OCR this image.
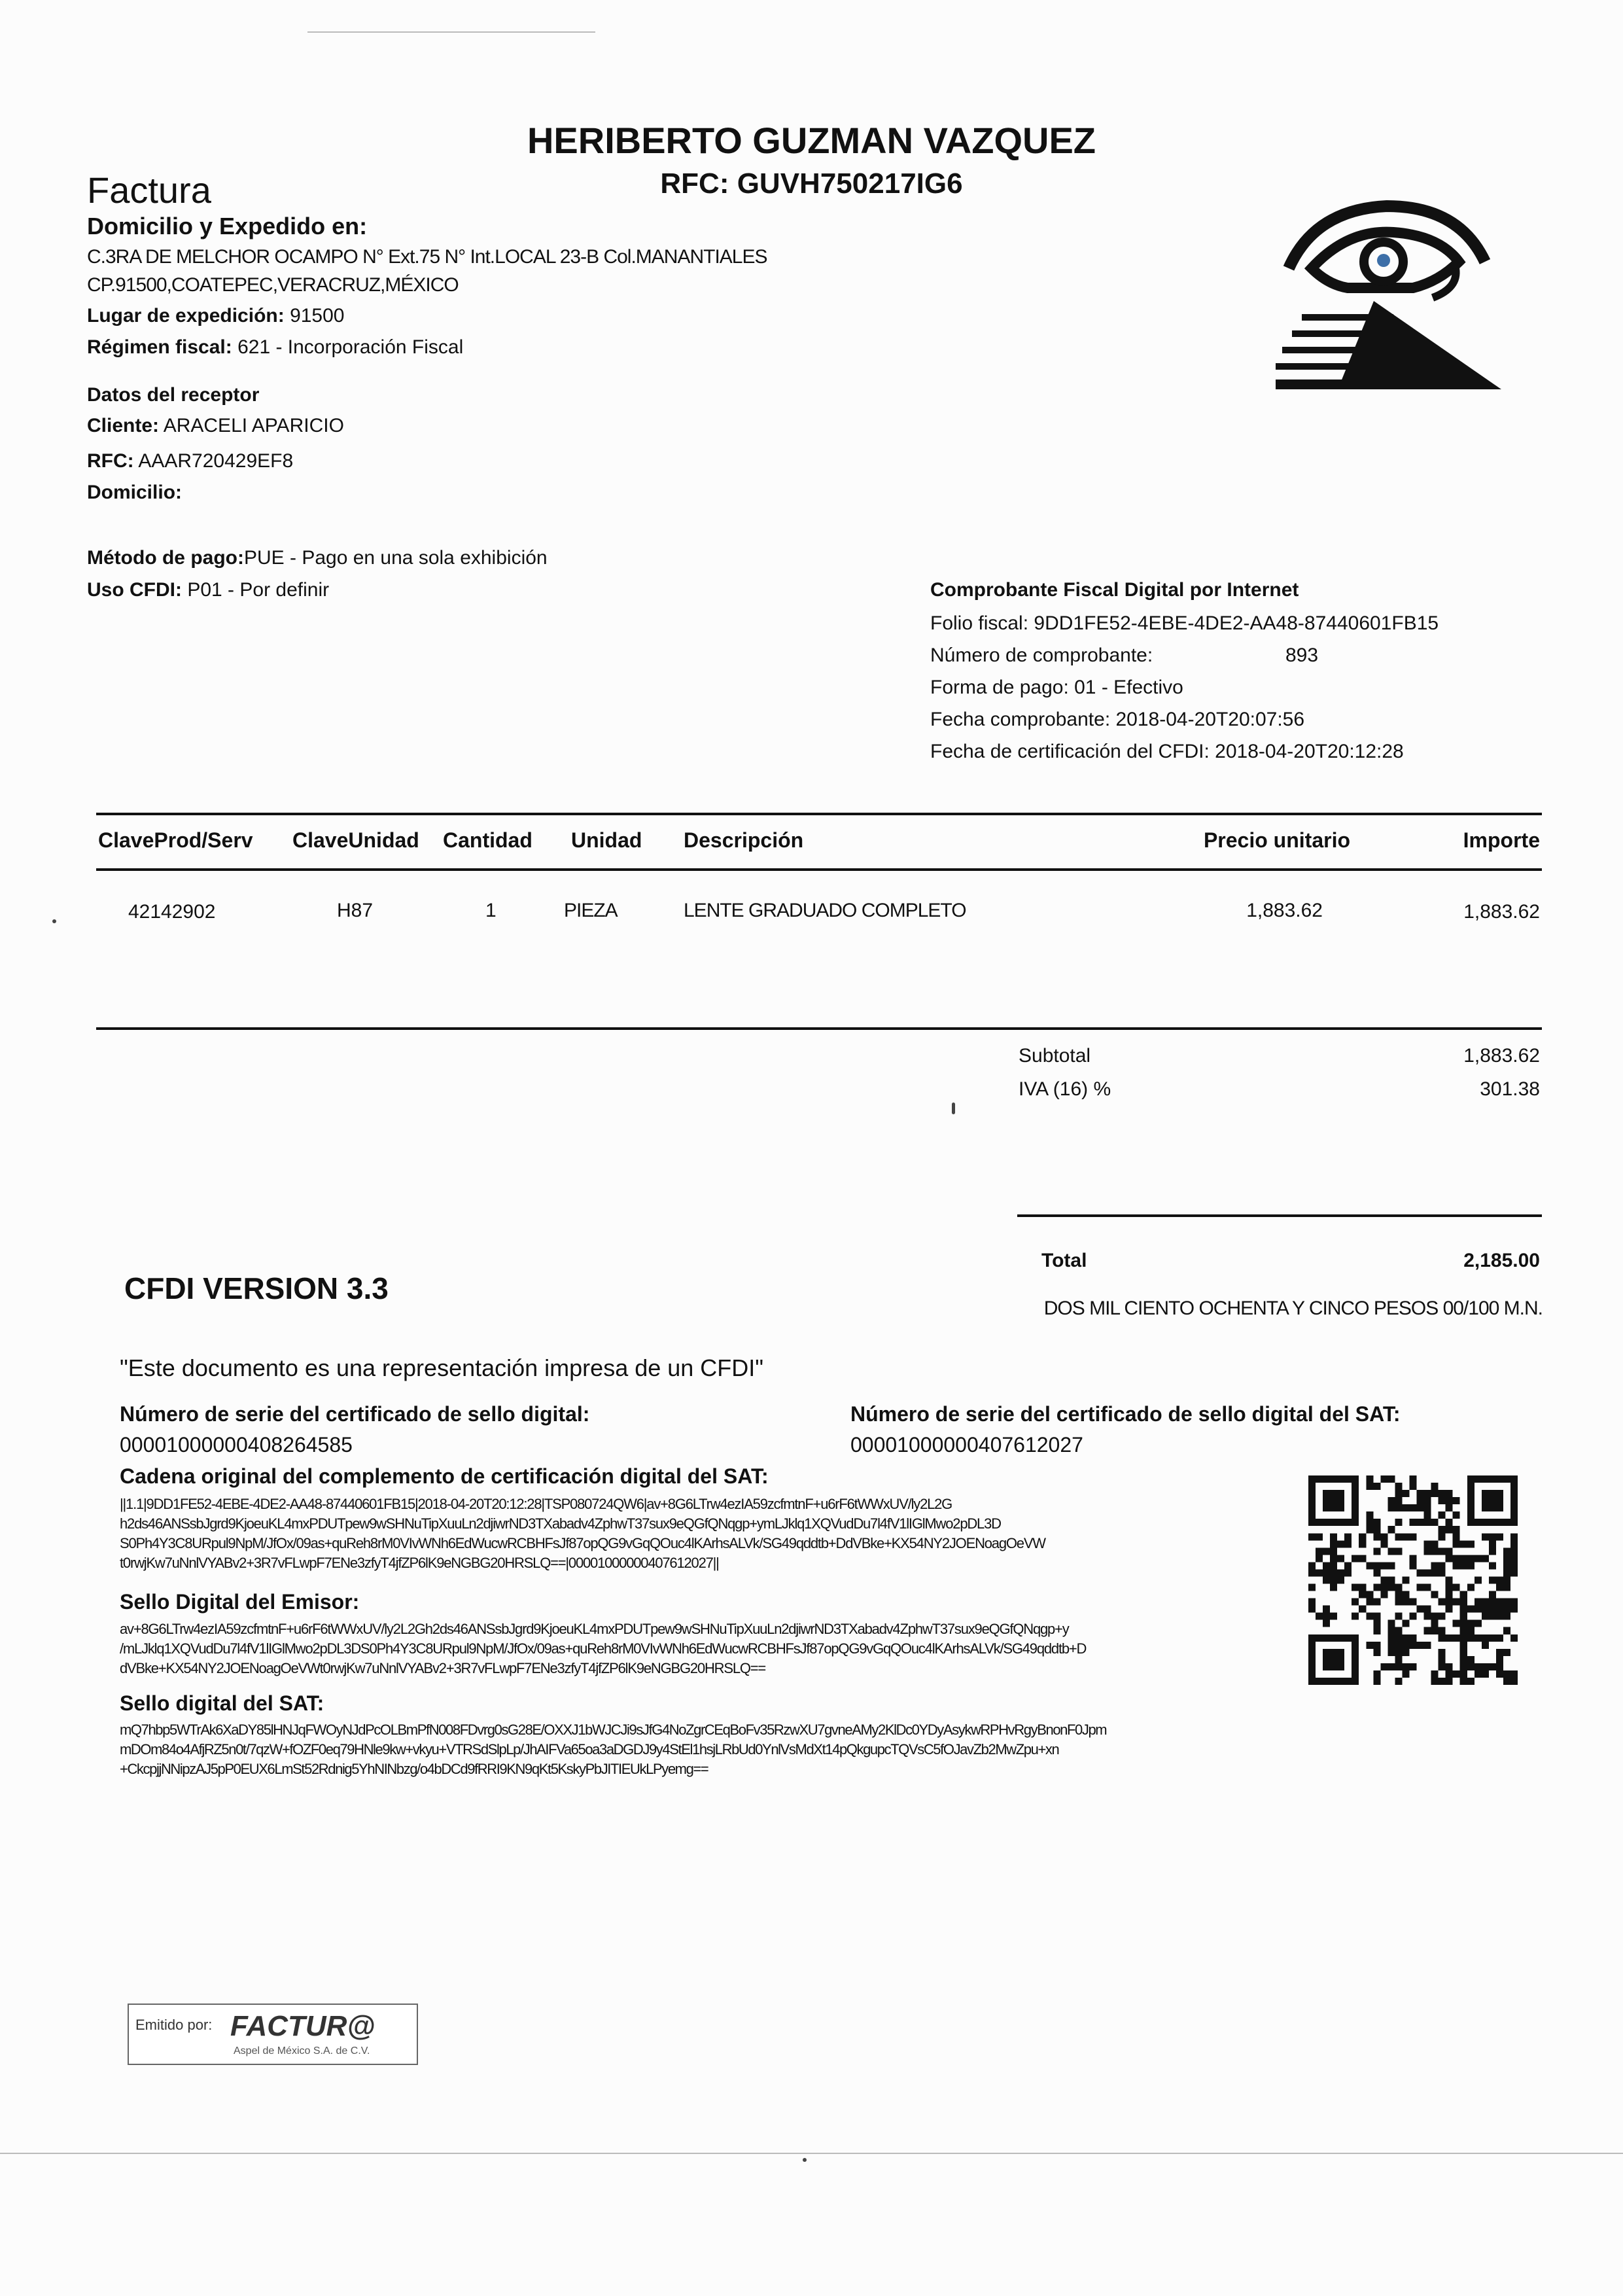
HERIBERTO GUZMAN VAZQUEZ
RFC: GUVH750217IG6
Factura
Domicilio y Expedido en:
C.3RA DE MELCHOR OCAMPO N° Ext.75 N° Int.LOCAL 23-B Col.MANANTIALES
CP.91500,COATEPEC,VERACRUZ,MÉXICO
Lugar de expedición: 91500
Régimen fiscal: 621 - Incorporación Fiscal
Datos del receptor
Cliente: ARACELI APARICIO
RFC: AAAR720429EF8
Domicilio:
Método de pago:PUE - Pago en una sola exhibición
Uso CFDI: P01 - Por definir	Comprobante Fiscal Digital por Internet
Folio fiscal: 9DD1FE52-4EBE-4DE2-AA48-87440601FB15
Número de comprobante:	893
Forma de pago: 01 - Efectivo
Fecha comprobante: 2018-04-20T20:07:56
Fecha de certificación del CFDI: 2018-04-20T20:12:28
ClaveProd/Serv ClaveUnidad Cantidad Unidad Descripción	Precio unitario	Importe
42142902	H87	1	PIEZA	LENTE GRADUADO COMPLETO	1,883.62	1,883.62
Subtotal	1,883.62
IVA (16) %	301.38
Total	2,185.00
DOS MIL CIENTO OCHENTA Y CINCO PESOS 00/100 M.N.
CFDI VERSION 3.3
"Este documento es una representación impresa de un CFDI"
Número de serie del certificado de sello digital:
00001000000408264585
Número de serie del certificado de sello digital del SAT:
00001000000407612027
Cadena original del complemento de certificación digital del SAT:
||1.1|9DD1FE52-4EBE-4DE2-AA48-87440601FB15|2018-04-20T20:12:28|TSP080724QW6|av+8G6LTrw4ezIA59zcfmtnF+u6rF6tWWxUV/ly2L2G
h2ds46ANSsbJgrd9KjoeuKL4mxPDUTpew9wSHNuTipXuuLn2djiwrND3TXabadv4ZphwT37sux9eQGfQNqgp+ymLJklq1XQVudDu7l4fV1lIGlMwo2pDL3D
S0Ph4Y3C8URpul9NpM/JfOx/09as+quReh8rM0VIvWNh6EdWucwRCBHFsJf87opQG9vGqQOuc4lKArhsALVk/SG49qddtb+DdVBke+KX54NY2JOENoagOeVW
t0rwjKw7uNnlVYABv2+3R7vFLwpF7ENe3zfyT4jfZP6lK9eNGBG20HRSLQ==|00001000000407612027||
Sello Digital del Emisor:
av+8G6LTrw4ezIA59zcfmtnF+u6rF6tWWxUV/ly2L2Gh2ds46ANSsbJgrd9KjoeuKL4mxPDUTpew9wSHNuTipXuuLn2djiwrND3TXabadv4ZphwT37sux9eQGfQNqgp+y
/mLJklq1XQVudDu7l4fV1lIGlMwo2pDL3DS0Ph4Y3C8URpul9NpM/JfOx/09as+quReh8rM0VIvWNh6EdWucwRCBHFsJf87opQG9vGqQOuc4lKArhsALVk/SG49qddtb+D
dVBke+KX54NY2JOENoagOeVWt0rwjKw7uNnlVYABv2+3R7vFLwpF7ENe3zfyT4jfZP6lK9eNGBG20HRSLQ==
Sello digital del SAT:
mQ7hbp5WTrAk6XaDY85lHNJqFWOyNJdPcOLBmPfN008FDvrg0sG28E/OXXJ1bWJCJi9sJfG4NoZgrCEqBoFv35RzwXU7gvneAMy2KlDc0YDyAsykwRPHvRgyBnonF0Jpm
mDOm84o4AfjRZ5n0t/7qzW+fOZF0eq79HNle9kw+vkyu+VTRSdSlpLp/JhAIFVa65oa3aDGDJ9y4StEl1hsjLRbUd0YnlVsMdXt14pQkgupcTQVsC5fOJavZb2MwZpu+xn
+CkcpjjNNipzAJ5pP0EUX6LmSt52Rdnig5YhNINbzg/o4bDCd9fRRI9KN9qKt5KskyPbJITIEUkLPyemg==
Emitido por: FACTUR@
Aspel de México S.A. de C.V.
